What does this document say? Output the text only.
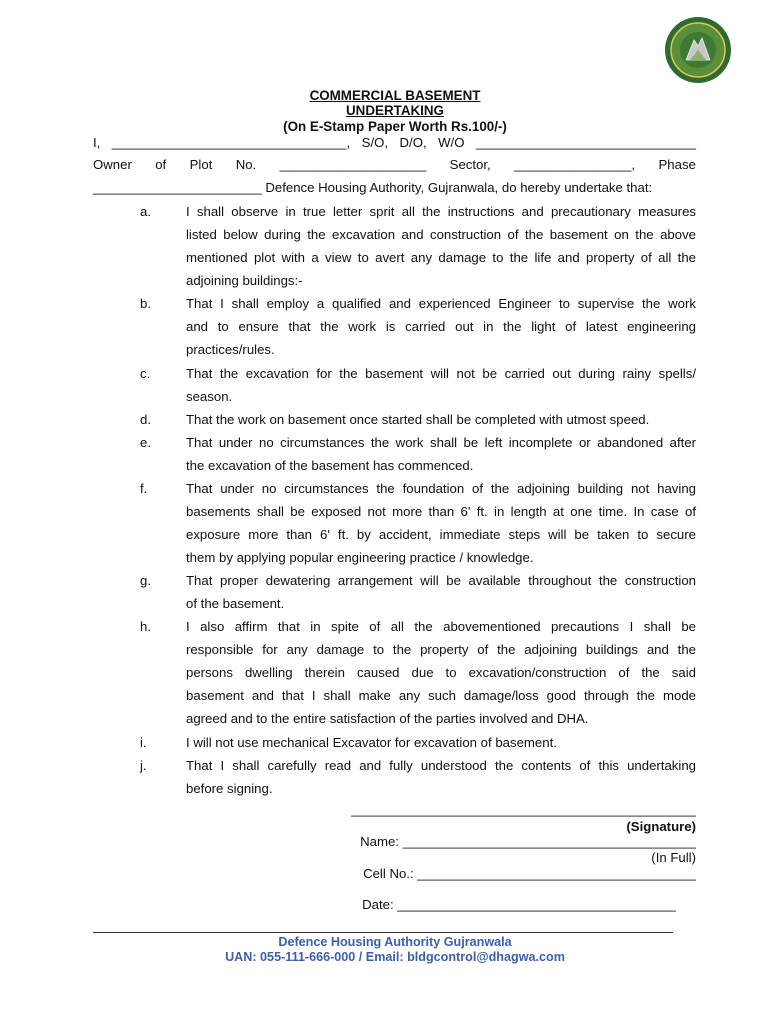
COMMERCIAL BASEMENT
UNDERTAKING
(On E-Stamp Paper Worth Rs.100/-)
I, ________________________________, S/O, D/O, W/O ______________________________
Owner of Plot No. ____________________ Sector, ________________, Phase
_______________________ Defence Housing Authority, Gujranwala, do hereby undertake that:
a.	I shall observe in true letter sprit all the instructions and precautionary measures
listed below during the excavation and construction of the basement on the above
mentioned plot with a view to avert any damage to the life and property of all the
adjoining buildings:-
b.	That I shall employ a qualified and experienced Engineer to supervise the work
and to ensure that the work is carried out in the light of latest engineering
practices/rules.
c.	That the excavation for the basement will not be carried out during rainy spells/
season.
d.	That the work on basement once started shall be completed with utmost speed.
e.	That under no circumstances the work shall be left incomplete or abandoned after
the excavation of the basement has commenced.
f.	That under no circumstances the foundation of the adjoining building not having
basements shall be exposed not more than 6' ft. in length at one time. In case of
exposure more than 6' ft. by accident, immediate steps will be taken to secure
them by applying popular engineering practice / knowledge.
g.	That proper dewatering arrangement will be available throughout the construction
of the basement.
h.	I also affirm that in spite of all the abovementioned precautions I shall be
responsible for any damage to the property of the adjoining buildings and the
persons dwelling therein caused due to excavation/construction of the said
basement and that I shall make any such damage/loss good through the mode
agreed and to the entire satisfaction of the parties involved and DHA.
i.	I will not use mechanical Excavator for excavation of basement.
j.	That I shall carefully read and fully understood the contents of this undertaking
before signing.
_______________________________________________
(Signature)
Name: ________________________________________
(In Full)
Cell No.: ______________________________________
Date: ______________________________________
Defence Housing Authority Gujranwala
UAN: 055-111-666-000 / Email: bldgcontrol@dhagwa.com
